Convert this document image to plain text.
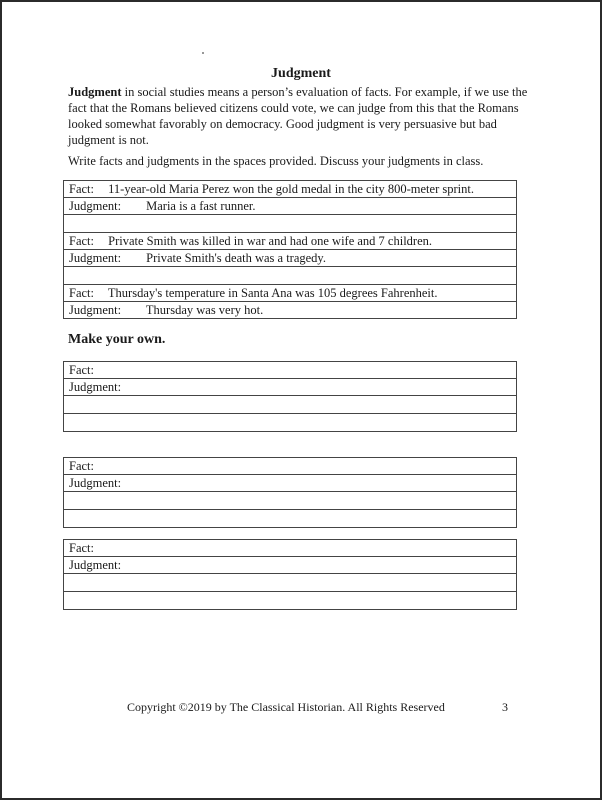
Judgment
Judgment in social studies means a person’s evaluation of facts. For example, if we use the fact that the Romans believed citizens could vote, we can judge from this that the Romans looked somewhat favorably on democracy. Good judgment is very persuasive but bad judgment is not.
Write facts and judgments in the spaces provided. Discuss your judgments in class.
Fact: 11-year-old Maria Perez won the gold medal in the city 800-meter sprint.
Judgment: Maria is a fast runner.

Fact: Private Smith was killed in war and had one wife and 7 children.
Judgment: Private Smith's death was a tragedy.

Fact: Thursday's temperature in Santa Ana was 105 degrees Fahrenheit.
Judgment: Thursday was very hot.
Make your own.
Fact:
Judgment:

Fact:
Judgment:

Fact:
Judgment:

Copyright ©2019 by The Classical Historian. All Rights Reserved	3
